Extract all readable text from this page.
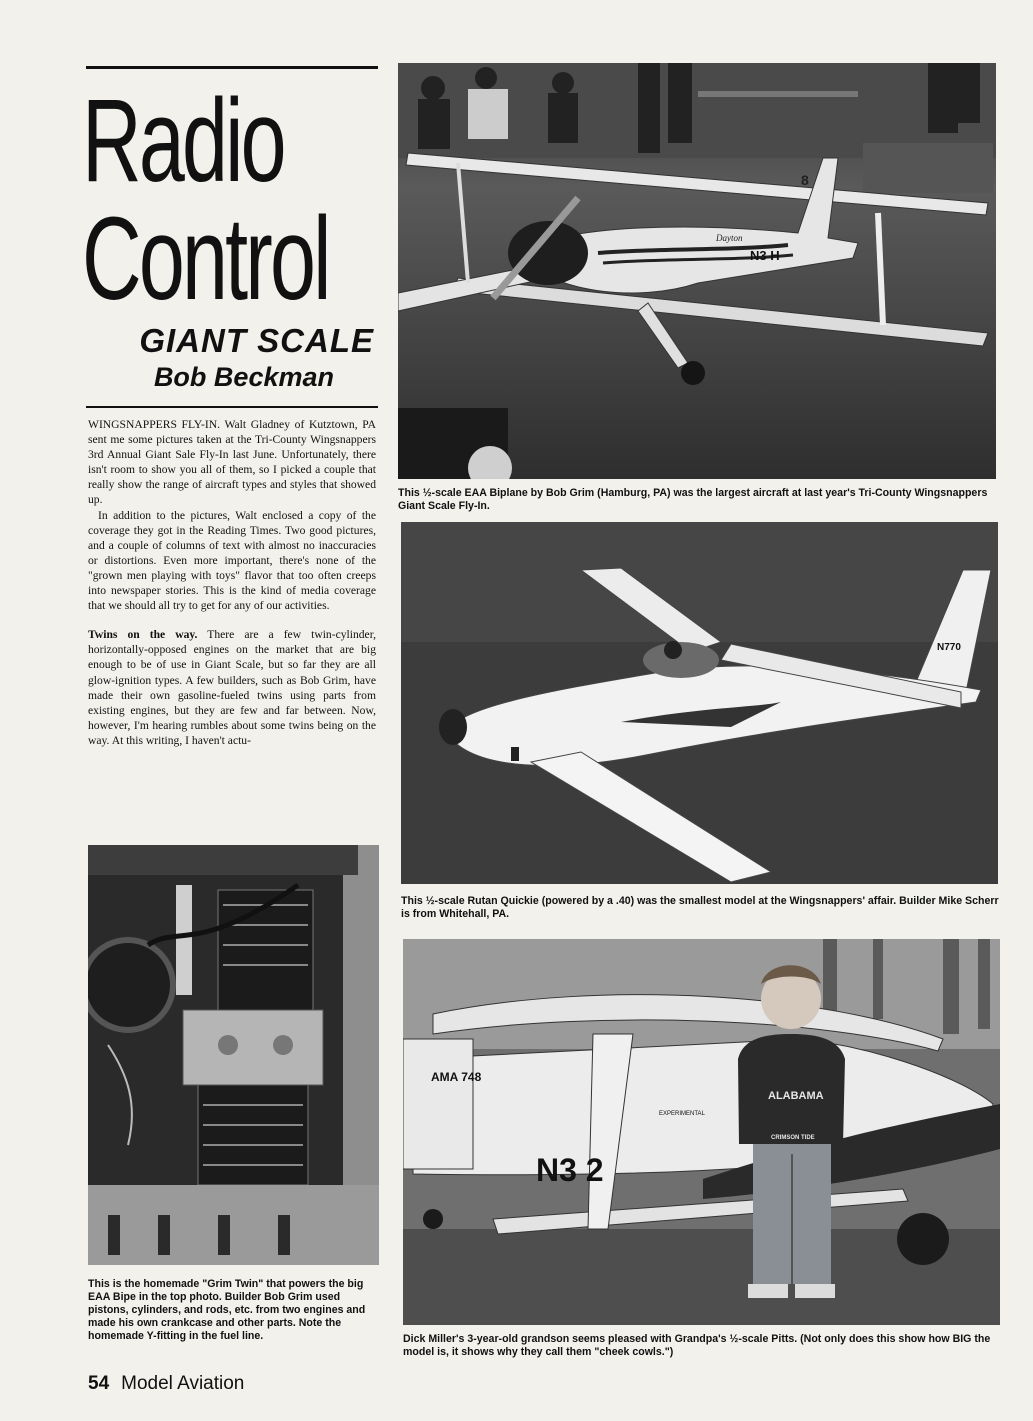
Radio
Control
GIANT SCALE
Bob Beckman

WINGSNAPPERS FLY-IN. Walt Gladney of Kutztown, PA sent me some pictures taken at the Tri-County Wingsnappers 3rd Annual Giant Sale Fly-In last June. Unfortunately, there isn't room to show you all of them, so I picked a couple that really show the range of aircraft types and styles that showed up.

In addition to the pictures, Walt enclosed a copy of the coverage they got in the Reading Times. Two good pictures, and a couple of columns of text with almost no inaccuracies or distortions. Even more important, there's none of the "grown men playing with toys" flavor that too often creeps into newspaper stories. This is the kind of media coverage that we should all try to get for any of our activities.

Twins on the way. There are a few twin-cylinder, horizontally-opposed engines on the market that are big enough to be of use in Giant Scale, but so far they are all glow-ignition types. A few builders, such as Bob Grim, have made their own gasoline-fueled twins using parts from existing engines, but they are few and far between. Now, however, I'm hearing rumbles about some twins being on the way. At this writing, I haven't actu-

8
N3 H
Dayton
This ½-scale EAA Biplane by Bob Grim (Hamburg, PA) was the largest aircraft at last year's Tri-County Wingsnappers Giant Scale Fly-In.
N770
This ½-scale Rutan Quickie (powered by a .40) was the smallest model at the Wingsnappers' affair. Builder Mike Scherr is from Whitehall, PA.
This is the homemade "Grim Twin" that powers the big EAA Bipe in the top photo. Builder Bob Grim used pistons, cylinders, and rods, etc. from two engines and made his own crankcase and other parts. Note the homemade Y-fitting in the fuel line.
AMA 748
EXPERIMENTAL
N3 2
ALABAMA
CRIMSON TIDE
Dick Miller's 3-year-old grandson seems pleased with Grandpa's ½-scale Pitts. (Not only does this show how BIG the model is, it shows why they call them "cheek cowls.")
54 Model Aviation
